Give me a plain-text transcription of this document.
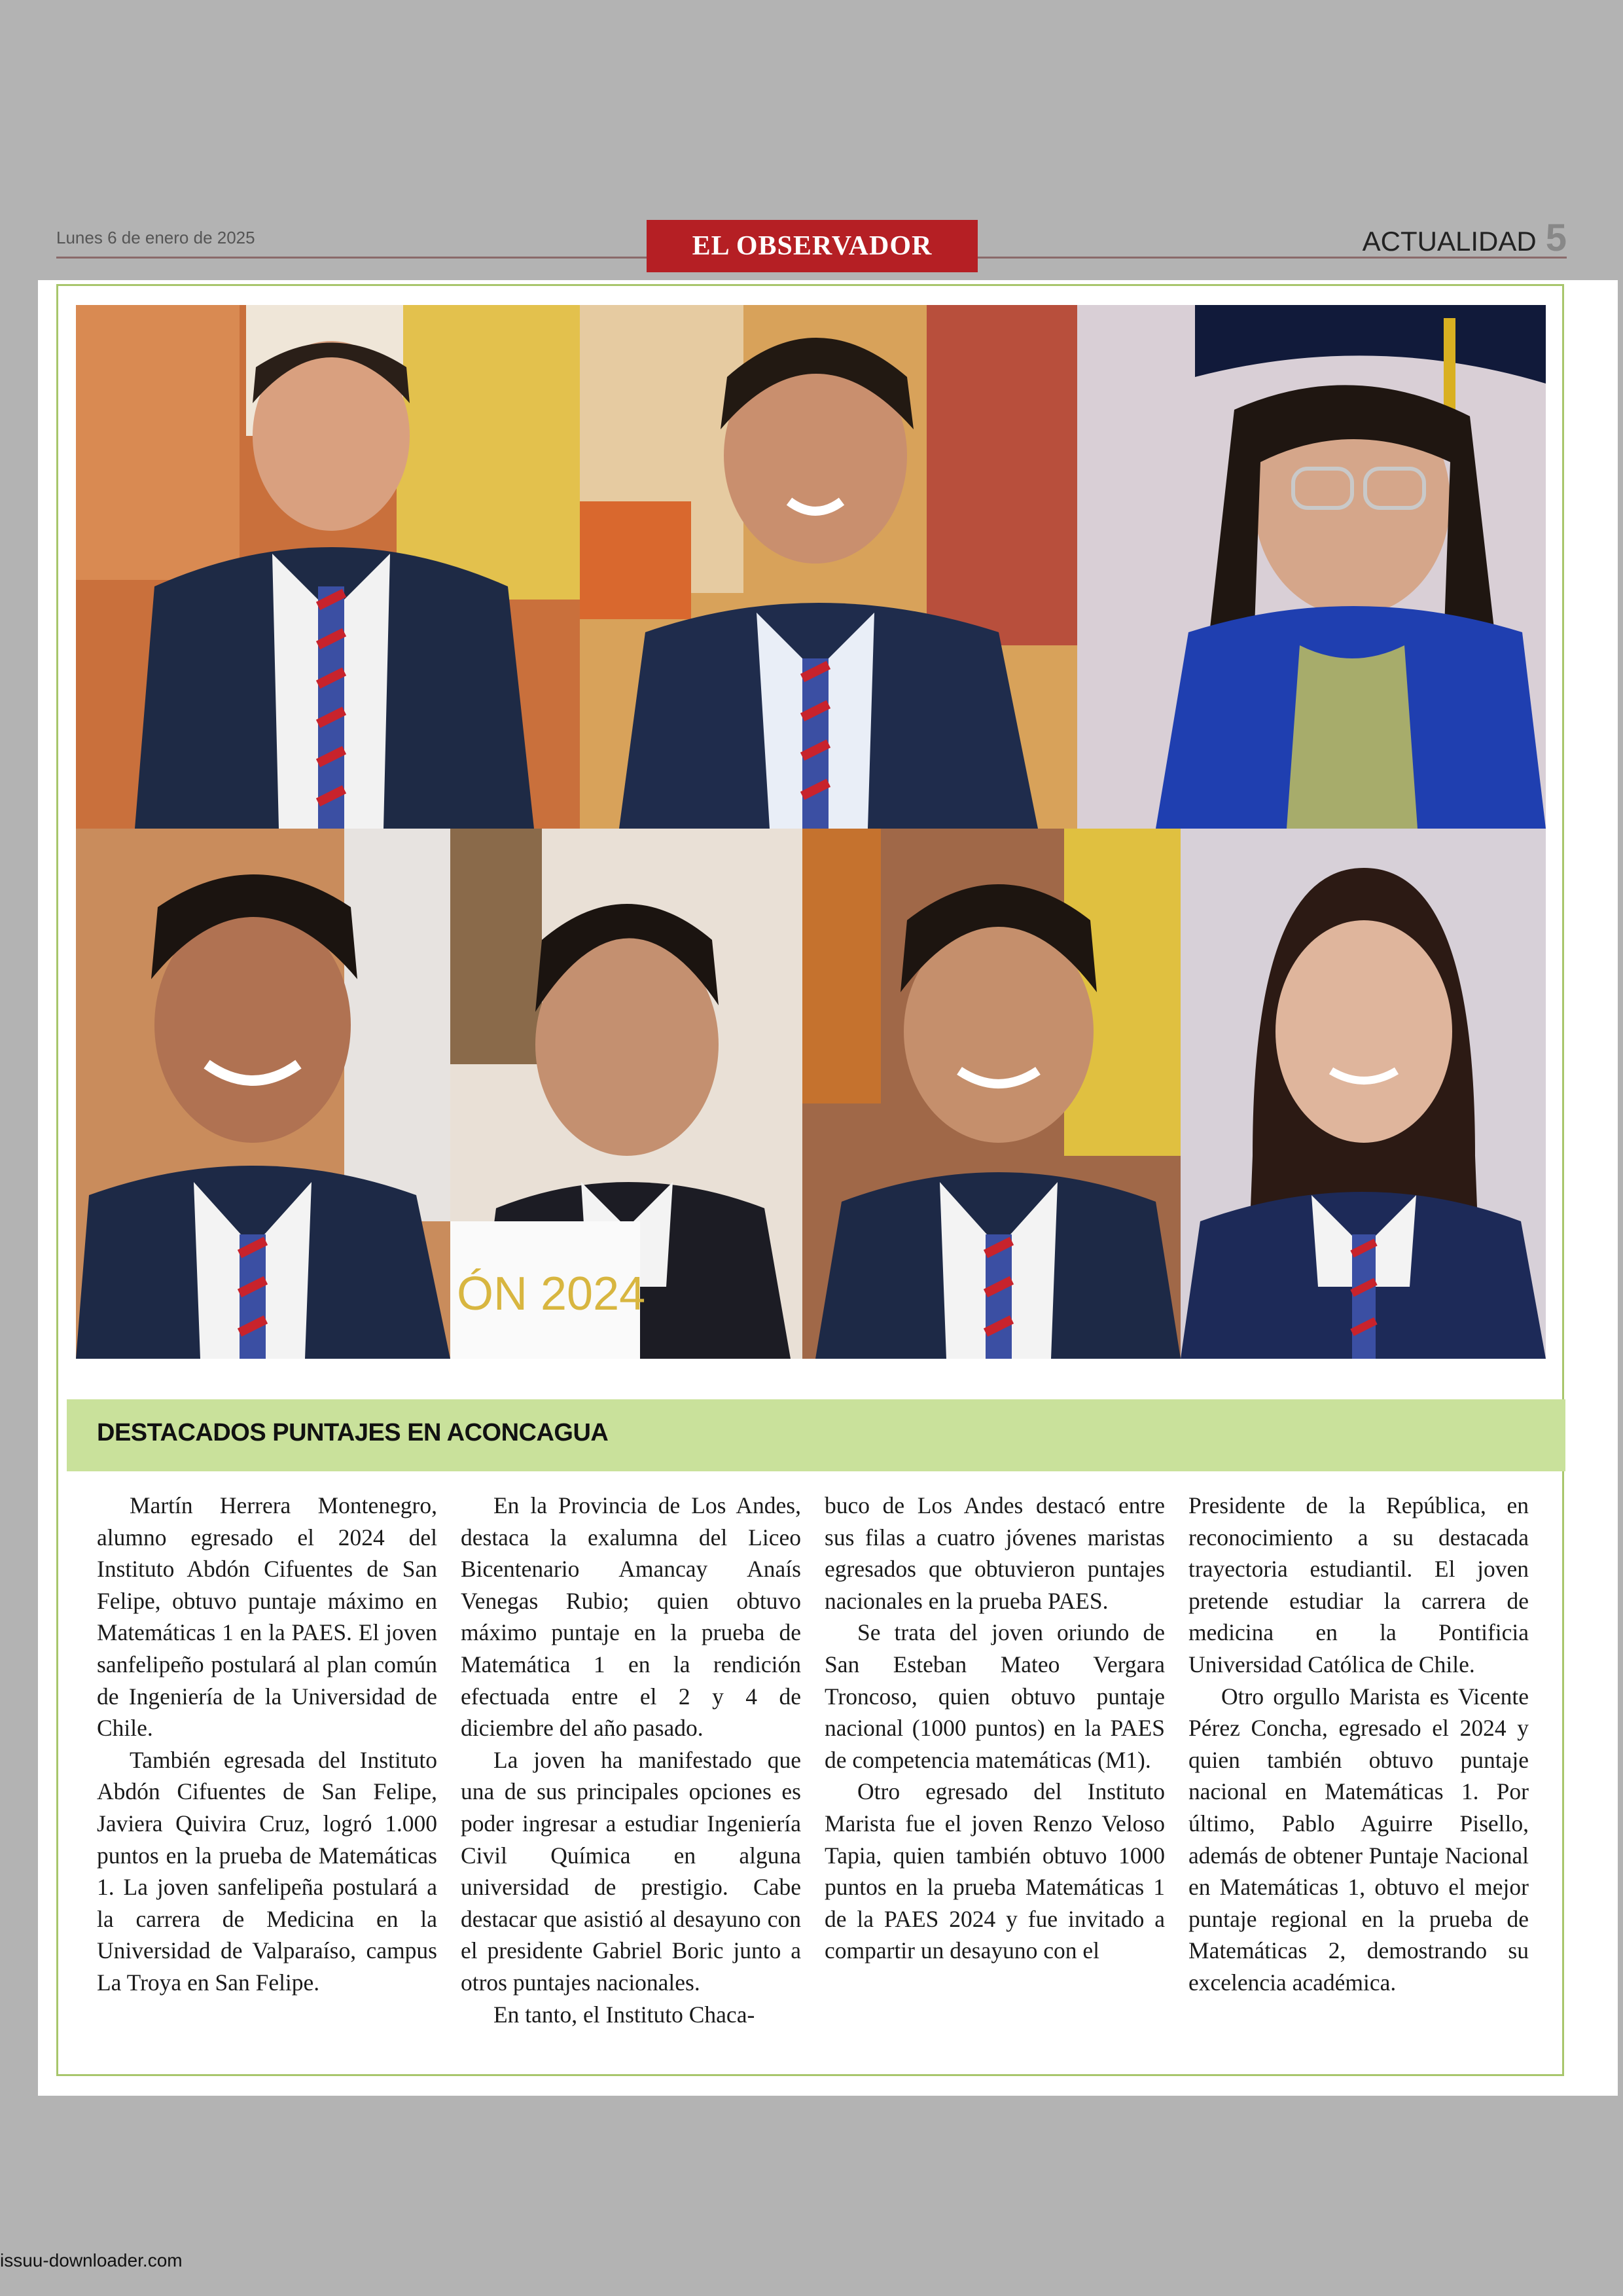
Lunes 6 de enero de 2025	EL OBSERVADOR	ACTUALIDAD 5
ÓN 2024
DESTACADOS PUNTAJES EN ACONCAGUA

Martín Herrera Montenegro, alumno egresado el 2024 del Instituto Abdón Cifuentes de San Felipe, obtuvo puntaje máximo en Matemáticas 1 en la PAES. El joven sanfelipeño postulará al plan común de Ingeniería de la Universidad de Chile.

También egresada del Instituto Abdón Cifuentes de San Felipe, Javiera Quivira Cruz, logró 1.000 puntos en la prueba de Matemáticas 1. La joven sanfelipeña postulará a la carrera de Medicina en la Universidad de Valparaíso, campus La Troya en San Felipe.

En la Provincia de Los Andes, destaca la exalumna del Liceo Bicentenario Amancay Anaís Venegas Rubio; quien obtuvo máximo puntaje en la prueba de Matemática 1 en la rendición efectuada entre el 2 y 4 de diciembre del año pasado.

La joven ha manifestado que una de sus principales opciones es poder ingresar a estudiar Ingeniería Civil Química en alguna universidad de prestigio. Cabe destacar que asistió al desayuno con el presidente Gabriel Boric junto a otros puntajes nacionales.

En tanto, el Instituto Chaca-

buco de Los Andes destacó entre sus filas a cuatro jóvenes maristas egresados que obtuvieron puntajes nacionales en la prueba PAES.

Se trata del joven oriundo de San Esteban Mateo Vergara Troncoso, quien obtuvo puntaje nacional (1000 puntos) en la PAES de competencia matemáticas (M1).

Otro egresado del Instituto Marista fue el joven Renzo Veloso Tapia, quien también obtuvo 1000 puntos en la prueba Matemáticas 1 de la PAES 2024 y fue invitado a compartir un desayuno con el

Presidente de la República, en reconocimiento a su destacada trayectoria estudiantil. El joven pretende estudiar la carrera de medicina en la Pontificia Universidad Católica de Chile.

Otro orgullo Marista es Vicente Pérez Concha, egresado el 2024 y quien también obtuvo puntaje nacional en Matemáticas 1. Por último, Pablo Aguirre Pisello, además de obtener Puntaje Nacional en Matemáticas 1, obtuvo el mejor puntaje regional en la prueba de Matemáticas 2, demostrando su excelencia académica.

issuu-downloader.com
